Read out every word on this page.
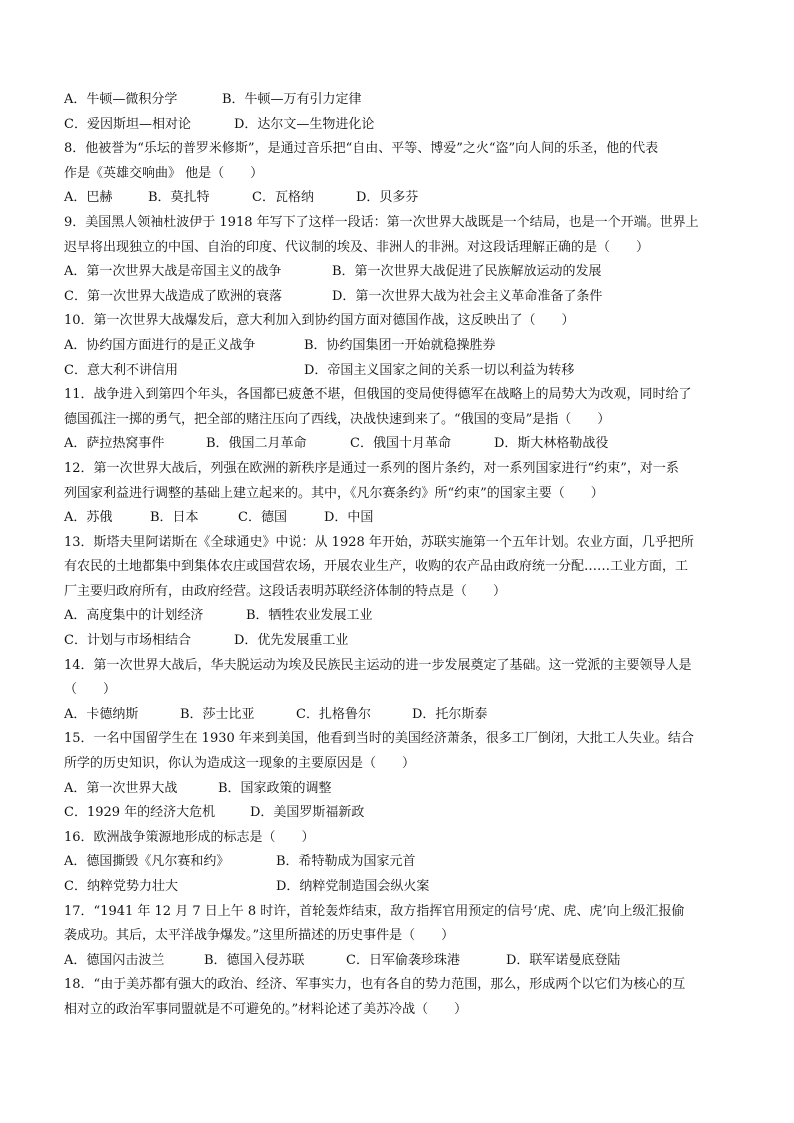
A．牛顿—微积分学	B．牛顿—万有引力定律
C．爱因斯坦—相对论	D．达尔文—生物进化论
8．他被誉为“乐坛的普罗米修斯”，是通过音乐把“自由、平等、博爱”之火“盗”向人间的乐圣，他的代表
作是《英雄交响曲》 他是（　　）
A．巴赫	B．莫扎特	C．瓦格纳	D．贝多芬
9．美国黑人领袖杜波伊于 1918 年写下了这样一段话：第一次世界大战既是一个结局，也是一个开端。世界上
迟早将出现独立的中国、自治的印度、代议制的埃及、非洲人的非洲。对这段话理解正确的是（　　）
A．第一次世界大战是帝国主义的战争	B．第一次世界大战促进了民族解放运动的发展
C．第一次世界大战造成了欧洲的衰落	D．第一次世界大战为社会主义革命准备了条件
10．第一次世界大战爆发后，意大利加入到协约国方面对德国作战，这反映出了（　　）
A．协约国方面进行的是正义战争	B．协约国集团一开始就稳操胜券
C．意大利不讲信用	D．帝国主义国家之间的关系一切以利益为转移
11．战争进入到第四个年头，各国都已疲惫不堪，但俄国的变局使得德军在战略上的局势大为改观，同时给了
德国孤注一掷的勇气，把全部的赌注压向了西线，决战快速到来了。“俄国的变局”是指（　　）
A．萨拉热窝事件	B．俄国二月革命	C．俄国十月革命	D．斯大林格勒战役
12．第一次世界大战后，列强在欧洲的新秩序是通过一系列的图片条约，对一系列国家进行“约束”，对一系
列国家利益进行调整的基础上建立起来的。其中，《凡尔赛条约》所“约束”的国家主要（　　）
A．苏俄	B．日本	C．德国	D．中国
13．斯塔夫里阿诺斯在《全球通史》中说：从 1928 年开始，苏联实施第一个五年计划。农业方面，几乎把所
有农民的土地都集中到集体农庄或国营农场，开展农业生产，收购的农产品由政府统一分配……工业方面，工
厂主要归政府所有，由政府经营。这段话表明苏联经济体制的特点是（　　）
A．高度集中的计划经济	B．牺牲农业发展工业
C．计划与市场相结合	D．优先发展重工业
14．第一次世界大战后，华夫脱运动为埃及民族民主运动的进一步发展奠定了基础。这一党派的主要领导人是
（　　）
A．卡德纳斯	B．莎士比亚	C．扎格鲁尔	D．托尔斯泰
15．一名中国留学生在 1930 年来到美国，他看到当时的美国经济萧条，很多工厂倒闭，大批工人失业。结合
所学的历史知识，你认为造成这一现象的主要原因是（　　）
A．第一次世界大战	B．国家政策的调整
C．1929 年的经济大危机	D．美国罗斯福新政
16．欧洲战争策源地形成的标志是（　　）
A．德国撕毁《凡尔赛和约》	B．希特勒成为国家元首
C．纳粹党势力壮大	D．纳粹党制造国会纵火案
17．“1941 年 12 月 7 日上午 8 时许，首轮轰炸结束，敌方指挥官用预定的信号‘虎、虎、虎’向上级汇报偷
袭成功。其后，太平洋战争爆发。”这里所描述的历史事件是（　　）
A．德国闪击波兰	B．德国入侵苏联	C．日军偷袭珍珠港	D．联军诺曼底登陆
18．“由于美苏都有强大的政治、经济、军事实力，也有各自的势力范围，那么，形成两个以它们为核心的互
相对立的政治军事同盟就是不可避免的。”材料论述了美苏冷战（　　）
